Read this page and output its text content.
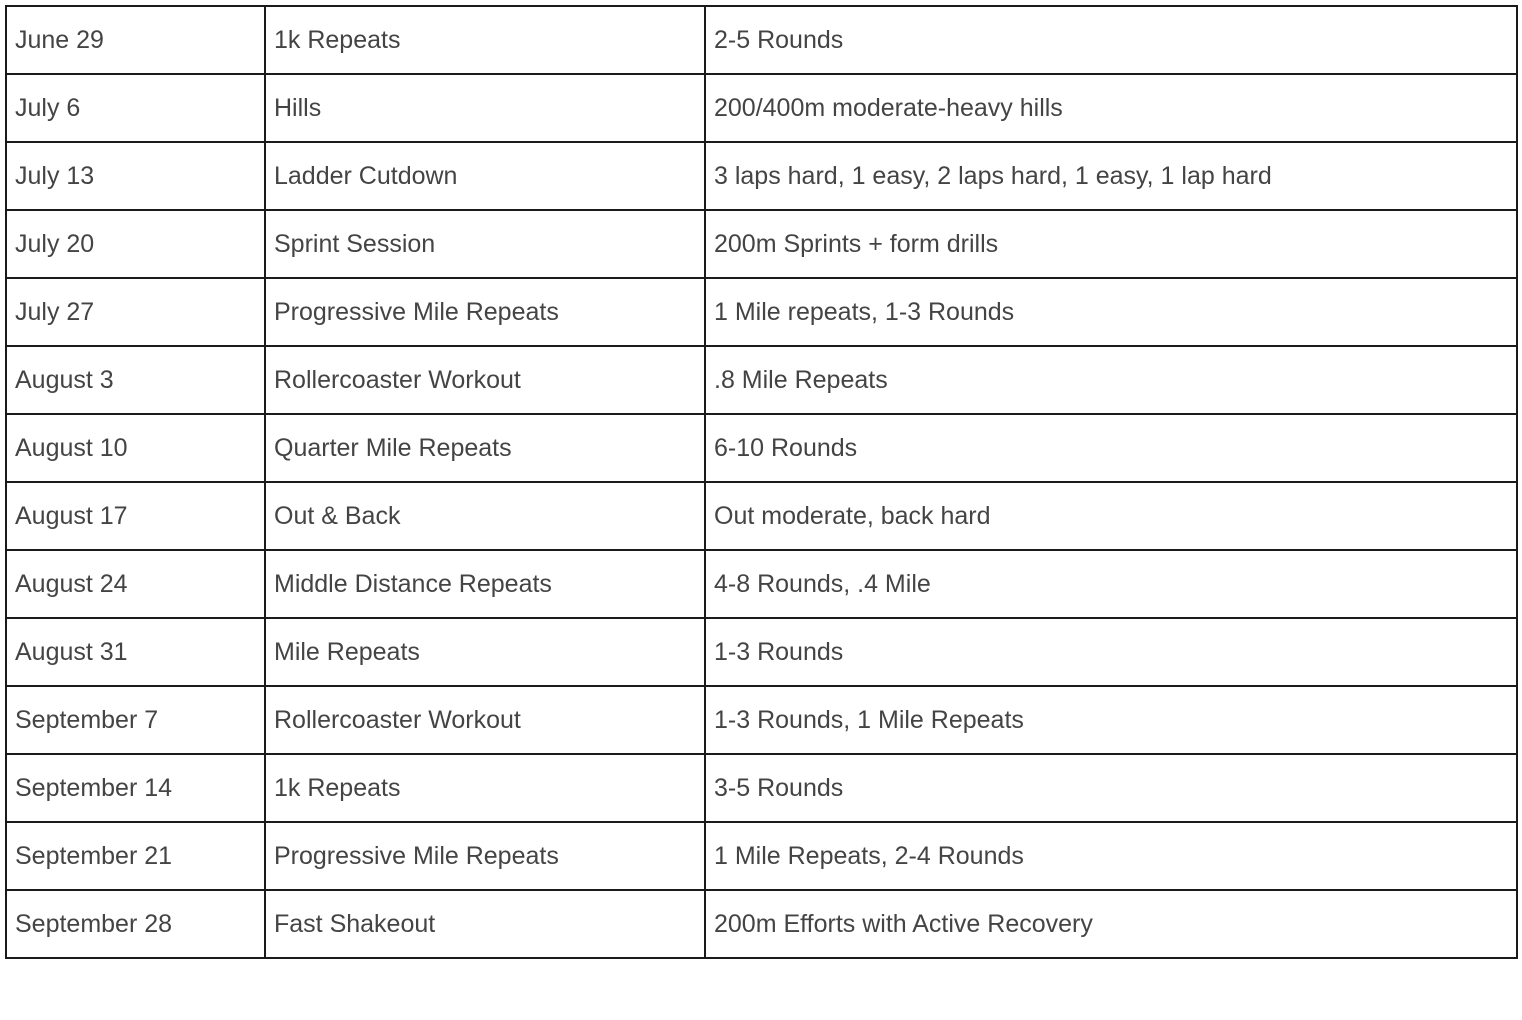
June 29	1k Repeats	2-5 Rounds
July 6	Hills	200/400m moderate-heavy hills
July 13	Ladder Cutdown	3 laps hard, 1 easy, 2 laps hard, 1 easy, 1 lap hard
July 20	Sprint Session	200m Sprints + form drills
July 27	Progressive Mile Repeats	1 Mile repeats, 1-3 Rounds
August 3	Rollercoaster Workout	.8 Mile Repeats
August 10	Quarter Mile Repeats	6-10 Rounds
August 17	Out & Back	Out moderate, back hard
August 24	Middle Distance Repeats	4-8 Rounds, .4 Mile
August 31	Mile Repeats	1-3 Rounds
September 7	Rollercoaster Workout	1-3 Rounds, 1 Mile Repeats
September 14	1k Repeats	3-5 Rounds
September 21	Progressive Mile Repeats	1 Mile Repeats, 2-4 Rounds
September 28	Fast Shakeout	200m Efforts with Active Recovery
